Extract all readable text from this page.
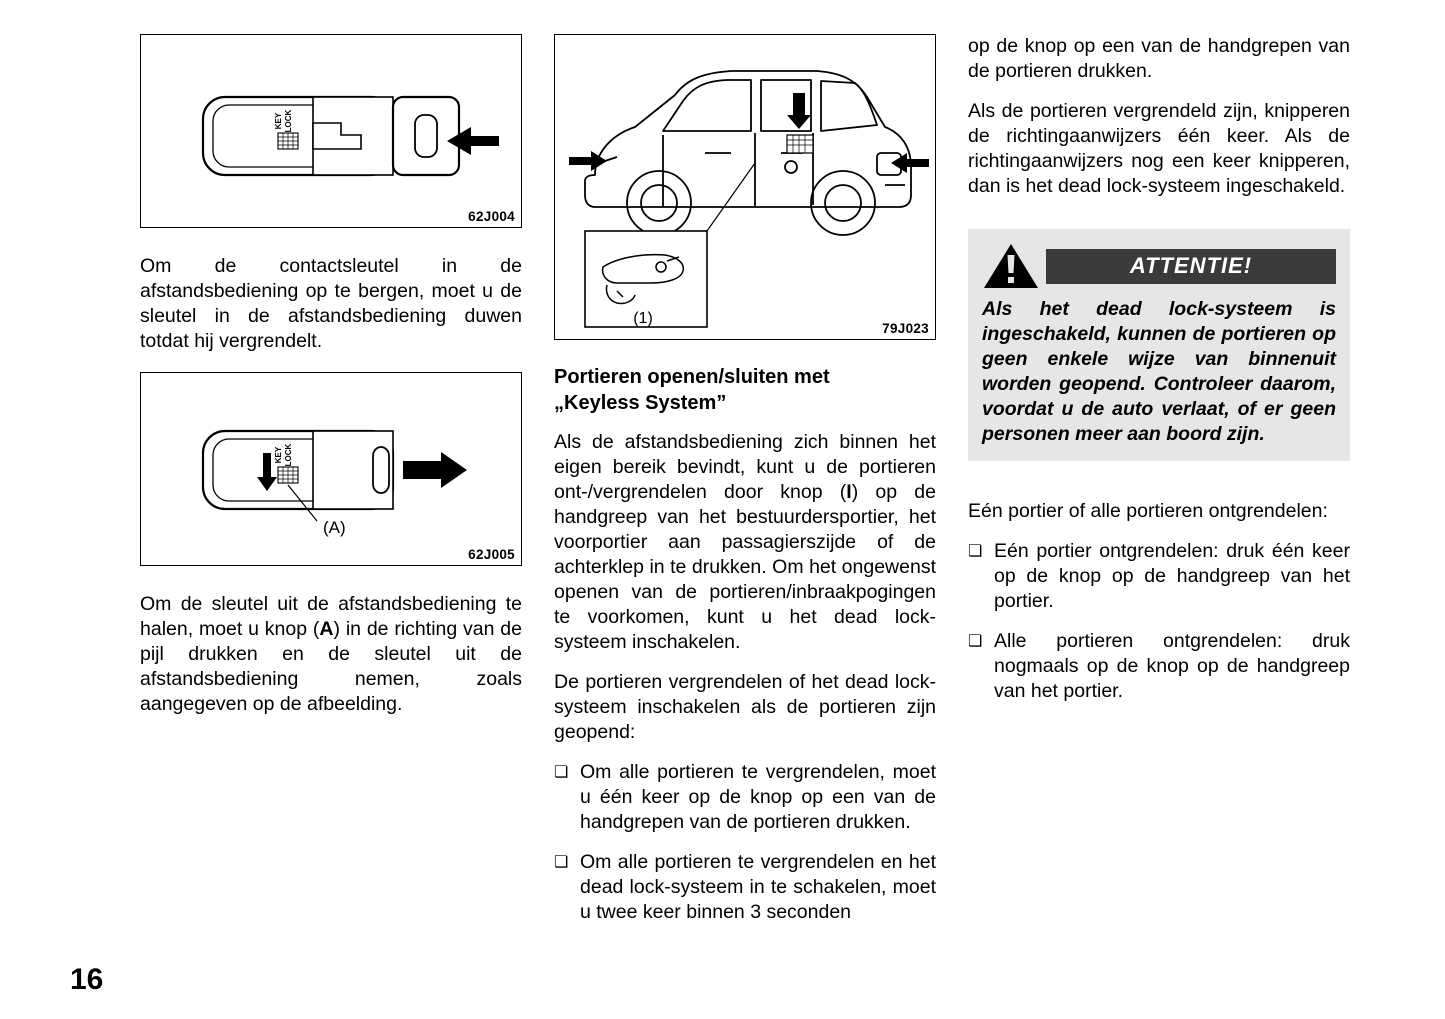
KEY LOCK
62J004

Om de contactsleutel in de afstandsbediening op te bergen, moet u de sleutel in de afstandsbediening duwen totdat hij vergrendelt.

KEY LOCK
(A)
62J005

Om de sleutel uit de afstandsbediening te halen, moet u knop (A) in de richting van de pijl drukken en de sleutel uit de afstandsbediening nemen, zoals aangegeven op de afbeelding.

(1)
79J023
Portieren openen/sluiten met
„Keyless System”

Als de afstandsbediening zich binnen het eigen bereik bevindt, kunt u de portieren ont-/vergrendelen door knop (I) op de handgreep van het bestuurdersportier, het voorportier aan passagierszijde of de achterklep in te drukken. Om het ongewenst openen van de portieren/inbraakpogingen te voorkomen, kunt u het dead lock-systeem inschakelen.

De portieren vergrendelen of het dead lock-systeem inschakelen als de portieren zijn geopend:

❏ Om alle portieren te vergrendelen, moet u één keer op de knop op een van de handgrepen van de portieren drukken.
❏ Om alle portieren te vergrendelen en het dead lock-systeem in te schakelen, moet u twee keer binnen 3 seconden

op de knop op een van de handgrepen van de portieren drukken.

Als de portieren vergrendeld zijn, knipperen de richtingaanwijzers één keer. Als de richtingaanwijzers nog een keer knipperen, dan is het dead lock-systeem ingeschakeld.

ATTENTIE!

Als het dead lock-systeem is ingeschakeld, kunnen de portieren op geen enkele wijze van binnenuit worden geopend. Controleer daarom, voordat u de auto verlaat, of er geen personen meer aan boord zijn.

Eén portier of alle portieren ontgrendelen:

❏ Eén portier ontgrendelen: druk één keer op de knop op de handgreep van het portier.
❏ Alle portieren ontgrendelen: druk nogmaals op de knop op de handgreep van het portier.
16
